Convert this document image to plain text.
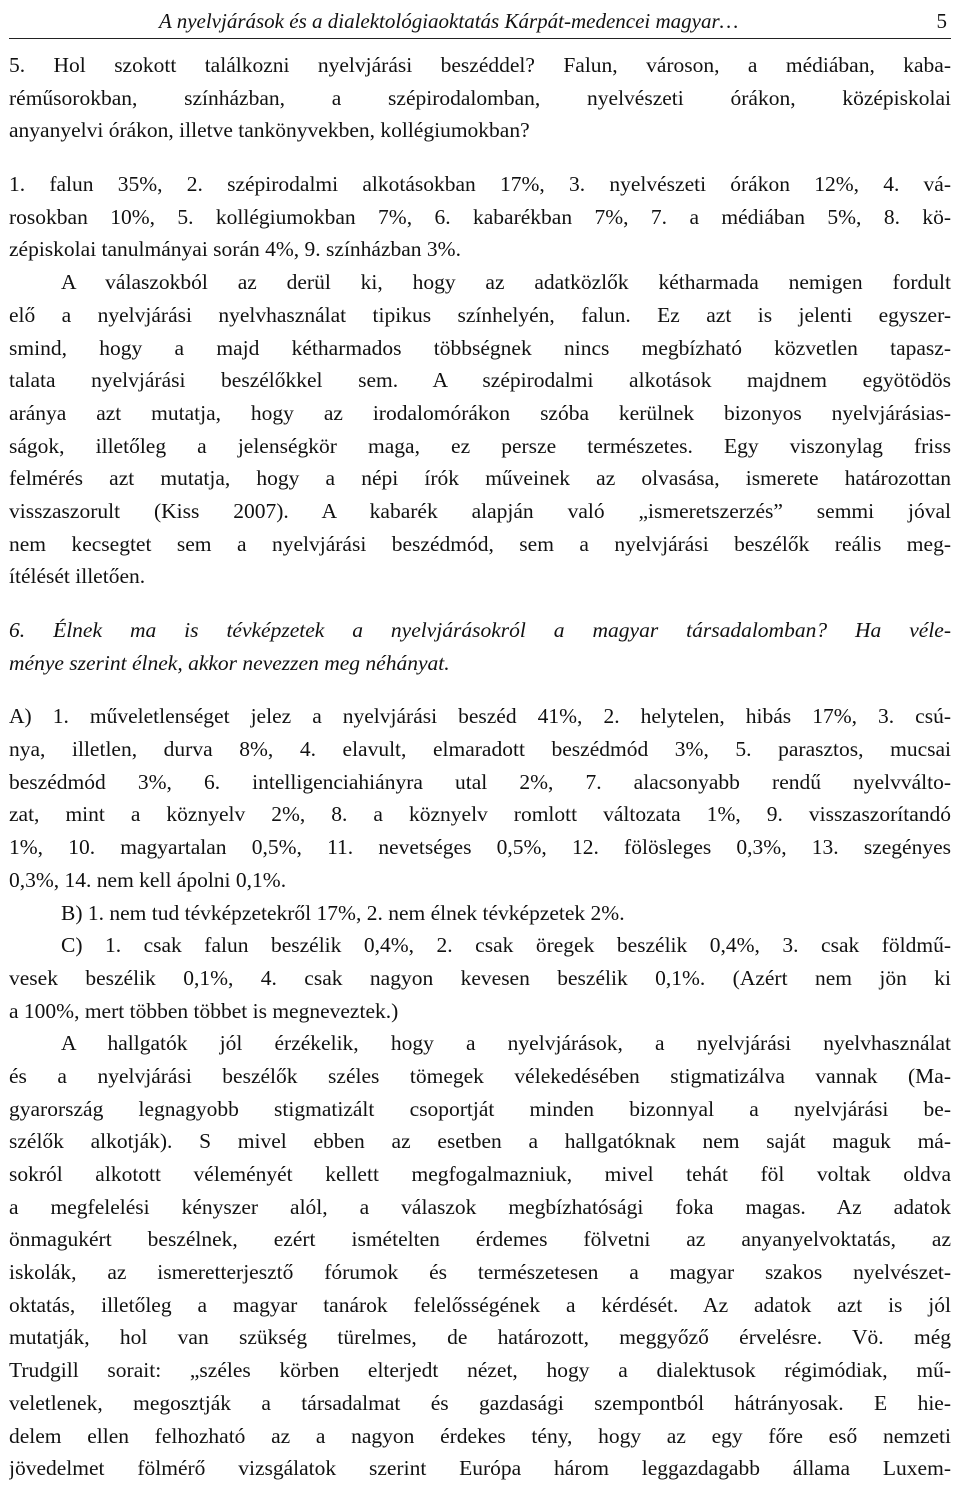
A nyelvjárások és a dialektológiaoktatás Kárpát-medencei magyar…	5
5. Hol szokott találkozni nyelvjárási beszéddel? Falun, városon, a médiában, kaba-
réműsorokban, színházban, a szépirodalomban, nyelvészeti órákon, középiskolai
anyanyelvi órákon, illetve tankönyvekben, kollégiumokban?
1. falun 35%, 2. szépirodalmi alkotásokban 17%, 3. nyelvészeti órákon 12%, 4. vá-
rosokban 10%, 5. kollégiumokban 7%, 6. kabarékban 7%, 7. a médiában 5%, 8. kö-
zépiskolai tanulmányai során 4%, 9. színházban 3%.
A válaszokból az derül ki, hogy az adatközlők kétharmada nemigen fordult
elő a nyelvjárási nyelvhasználat tipikus színhelyén, falun. Ez azt is jelenti egyszer-
smind, hogy a majd kétharmados többségnek nincs megbízható közvetlen tapasz-
talata nyelvjárási beszélőkkel sem. A szépirodalmi alkotások majdnem egyötödös
aránya azt mutatja, hogy az irodalomórákon szóba kerülnek bizonyos nyelvjárásias-
ságok, illetőleg a jelenségkör maga, ez persze természetes. Egy viszonylag friss
felmérés azt mutatja, hogy a népi írók műveinek az olvasása, ismerete határozottan
visszaszorult (Kiss 2007). A kabarék alapján való „ismeretszerzés” semmi jóval
nem kecsegtet sem a nyelvjárási beszédmód, sem a nyelvjárási beszélők reális meg-
ítélését illetően.
6. Élnek ma is tévképzetek a nyelvjárásokról a magyar társadalomban? Ha véle-
ménye szerint élnek, akkor nevezzen meg néhányat.
A) 1. műveletlenséget jelez a nyelvjárási beszéd 41%, 2. helytelen, hibás 17%, 3. csú-
nya, illetlen, durva 8%, 4. elavult, elmaradott beszédmód 3%, 5. parasztos, mucsai
beszédmód 3%, 6. intelligenciahiányra utal 2%, 7. alacsonyabb rendű nyelvválto-
zat, mint a köznyelv 2%, 8. a köznyelv romlott változata 1%, 9. visszaszorítandó
1%, 10. magyartalan 0,5%, 11. nevetséges 0,5%, 12. fölösleges 0,3%, 13. szegényes
0,3%, 14. nem kell ápolni 0,1%.
B) 1. nem tud tévképzetekről 17%, 2. nem élnek tévképzetek 2%.
C) 1. csak falun beszélik 0,4%, 2. csak öregek beszélik 0,4%, 3. csak földmű-
vesek beszélik 0,1%, 4. csak nagyon kevesen beszélik 0,1%. (Azért nem jön ki
a 100%, mert többen többet is megneveztek.)
A hallgatók jól érzékelik, hogy a nyelvjárások, a nyelvjárási nyelvhasználat
és a nyelvjárási beszélők széles tömegek vélekedésében stigmatizálva vannak (Ma-
gyarország legnagyobb stigmatizált csoportját minden bizonnyal a nyelvjárási be-
szélők alkotják). S mivel ebben az esetben a hallgatóknak nem saját maguk má-
sokról alkotott véleményét kellett megfogalmazniuk, mivel tehát föl voltak oldva
a megfelelési kényszer alól, a válaszok megbízhatósági foka magas. Az adatok
önmagukért beszélnek, ezért ismételten érdemes fölvetni az anyanyelvoktatás, az
iskolák, az ismeretterjesztő fórumok és természetesen a magyar szakos nyelvészet-
oktatás, illetőleg a magyar tanárok felelősségének a kérdését. Az adatok azt is jól
mutatják, hol van szükség türelmes, de határozott, meggyőző érvelésre. Vö. még
Trudgill sorait: „széles körben elterjedt nézet, hogy a dialektusok régimódiak, mű-
veletlenek, megosztják a társadalmat és gazdasági szempontból hátrányosak. E hie-
delem ellen felhozható az a nagyon érdekes tény, hogy az egy főre eső nemzeti
jövedelmet fölmérő vizsgálatok szerint Európa három leggazdagabb állama Luxem-
